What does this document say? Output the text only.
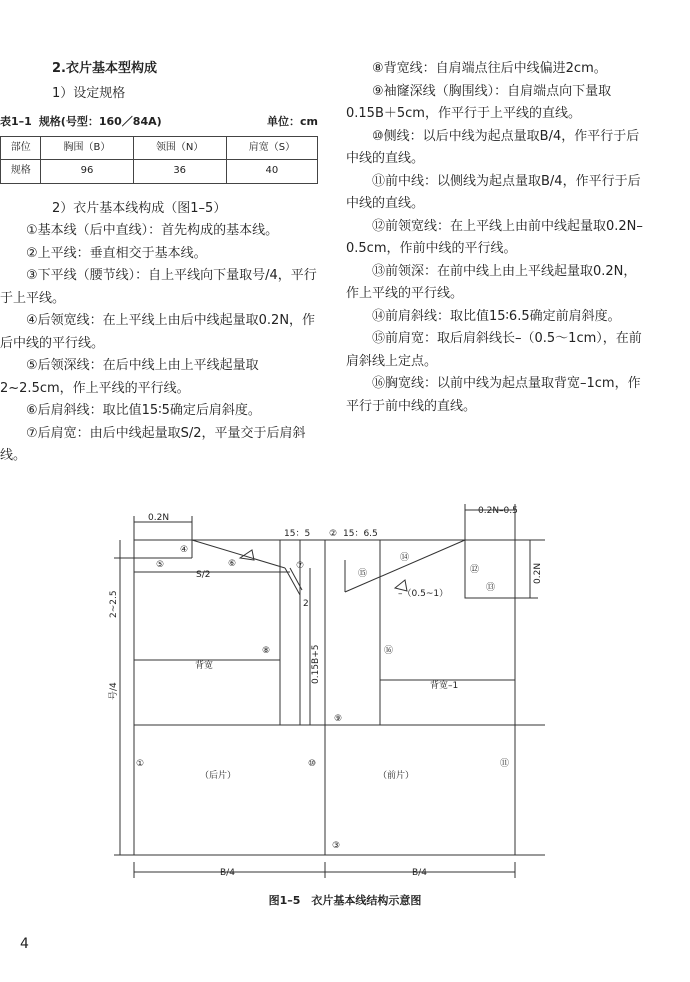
2.衣片基本型构成

1）设定规格

表1–1 规格(号型：160／84A)	单位：cm
部位	胸围（B）	领围（N）	肩宽（S）
规格	96	36	40

2）衣片基本线构成（图1–5）

①基本线（后中直线）：首先构成的基本线。

②上平线：垂直相交于基本线。

③下平线（腰节线）：自上平线向下量取号/4，平行于上平线。

④后领宽线：在上平线上由后中线起量取0.2N，作后中线的平行线。

⑤后领深线：在后中线上由上平线起量取2~2.5cm，作上平线的平行线。

⑥后肩斜线：取比值15∶5确定后肩斜度。

⑦后肩宽：由后中线起量取S/2，平量交于后肩斜线。

⑧背宽线：自肩端点往后中线偏进2cm。

⑨袖窿深线（胸围线）：自肩端点向下量取0.15B＋5cm，作平行于上平线的直线。

⑩侧线：以后中线为起点量取B/4，作平行于后中线的直线。

⑪前中线：以侧线为起点量取B/4，作平行于后中线的直线。

⑫前领宽线：在上平线上由前中线起量取0.2N–0.5cm，作前中线的平行线。

⑬前领深：在前中线上由上平线起量取0.2N，作上平线的平行线。

⑭前肩斜线：取比值15∶6.5确定前肩斜度。

⑮前肩宽：取后肩斜线长–（0.5～1cm），在前肩斜线上定点。

⑯胸宽线：以前中线为起点量取背宽–1cm，作平行于前中线的直线。

0.2N
15：5 ② 15：6.5
0.2N–0.5
④
⑤
S/2
⑥	⑦
2
⑭
⑮	⑫
⑬
–（0.5~1）
⑧	⑯
背宽
背宽–1
⑨
①	⑩	⑪
（后片）	（前片）
③
B/4	B/4
2~2.5
号/4
0.15B+5
0.2N
图1–5　衣片基本线结构示意图
4
